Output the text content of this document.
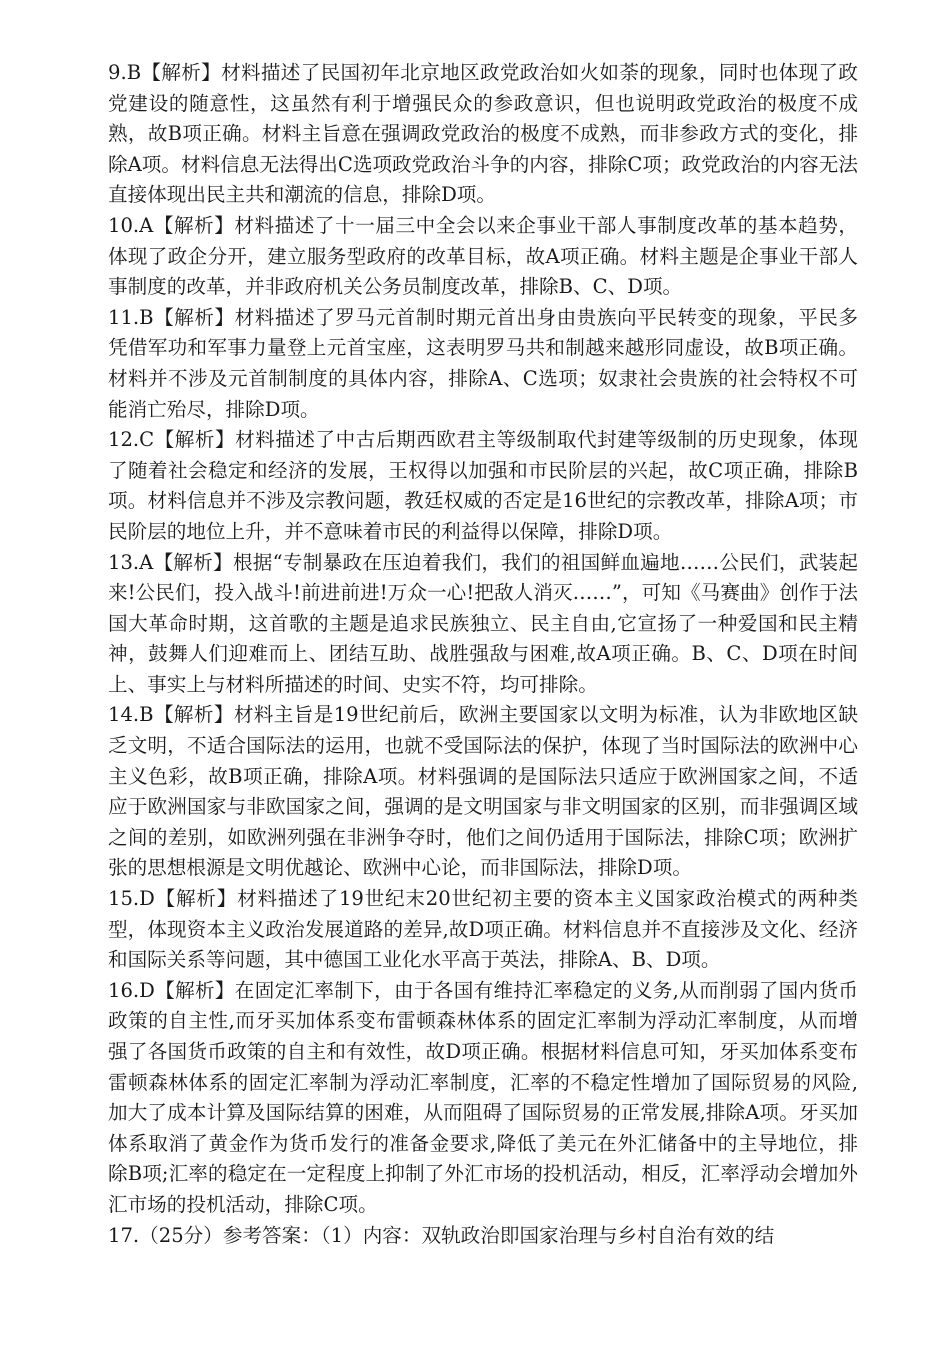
9.B【解析】材料描述了民国初年北京地区政党政治如火如荼的现象，同时也体现了政党建设的随意性，这虽然有利于增强民众的参政意识，但也说明政党政治的极度不成熟，故B项正确。材料主旨意在强调政党政治的极度不成熟，而非参政方式的变化，排除A项。材料信息无法得出C选项政党政治斗争的内容，排除C项；政党政治的内容无法直接体现出民主共和潮流的信息，排除D项。

10.A【解析】材料描述了十一届三中全会以来企事业干部人事制度改革的基本趋势，体现了政企分开，建立服务型政府的改革目标，故A项正确。材料主题是企事业干部人事制度的改革，并非政府机关公务员制度改革，排除B、C、D项。

11.B【解析】材料描述了罗马元首制时期元首出身由贵族向平民转变的现象，平民多凭借军功和军事力量登上元首宝座，这表明罗马共和制越来越形同虚设，故B项正确。材料并不涉及元首制制度的具体内容，排除A、C选项；奴隶社会贵族的社会特权不可能消亡殆尽，排除D项。

12.C【解析】材料描述了中古后期西欧君主等级制取代封建等级制的历史现象，体现了随着社会稳定和经济的发展，王权得以加强和市民阶层的兴起，故C项正确，排除B项。材料信息并不涉及宗教问题，教廷权威的否定是16世纪的宗教改革，排除A项；市民阶层的地位上升，并不意味着市民的利益得以保障，排除D项。

13.A【解析】根据“专制暴政在压迫着我们，我们的祖国鲜血遍地……公民们，武装起来!公民们，投入战斗!前进前进!万众一心!把敌人消灭……”，可知《马赛曲》创作于法国大革命时期，这首歌的主题是追求民族独立、民主自由,它宣扬了一种爱国和民主精神，鼓舞人们迎难而上、团结互助、战胜强敌与困难,故A项正确。B、C、D项在时间上、事实上与材料所描述的时间、史实不符，均可排除。

14.B【解析】材料主旨是19世纪前后，欧洲主要国家以文明为标准，认为非欧地区缺乏文明，不适合国际法的运用，也就不受国际法的保护，体现了当时国际法的欧洲中心主义色彩，故B项正确，排除A项。材料强调的是国际法只适应于欧洲国家之间，不适应于欧洲国家与非欧国家之间，强调的是文明国家与非文明国家的区别，而非强调区域之间的差别，如欧洲列强在非洲争夺时，他们之间仍适用于国际法，排除C项；欧洲扩张的思想根源是文明优越论、欧洲中心论，而非国际法，排除D项。

15.D【解析】材料描述了19世纪末20世纪初主要的资本主义国家政治模式的两种类型，体现资本主义政治发展道路的差异,故D项正确。材料信息并不直接涉及文化、经济和国际关系等问题，其中德国工业化水平高于英法，排除A、B、D项。

16.D【解析】在固定汇率制下，由于各国有维持汇率稳定的义务,从而削弱了国内货币政策的自主性,而牙买加体系变布雷顿森林体系的固定汇率制为浮动汇率制度，从而增强了各国货币政策的自主和有效性，故D项正确。根据材料信息可知，牙买加体系变布雷顿森林体系的固定汇率制为浮动汇率制度，汇率的不稳定性增加了国际贸易的风险,加大了成本计算及国际结算的困难，从而阻碍了国际贸易的正常发展,排除A项。牙买加体系取消了黄金作为货币发行的准备金要求,降低了美元在外汇储备中的主导地位，排除B项;汇率的稳定在一定程度上抑制了外汇市场的投机活动，相反，汇率浮动会增加外汇市场的投机活动，排除C项。

17.（25分）参考答案：（1）内容：双轨政治即国家治理与乡村自治有效的结
